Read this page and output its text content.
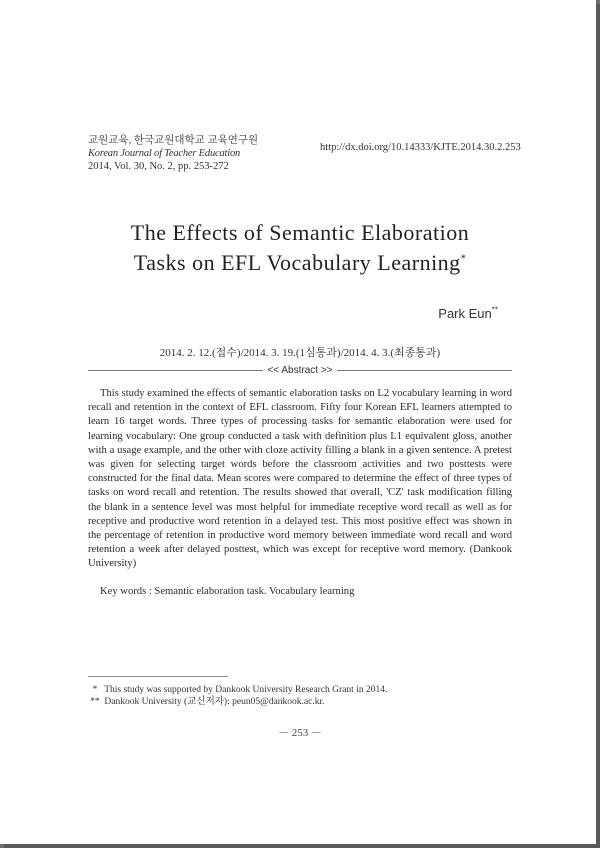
교원교육, 한국교원대학교 교육연구원
Korean Journal of Teacher Education
2014, Vol. 30, No. 2, pp. 253-272
http://dx.doi.org/10.14333/KJTE.2014.30.2.253
The Effects of Semantic Elaboration
Tasks on EFL Vocabulary Learning*
Park Eun**
2014. 2. 12.(접수)/2014. 3. 19.(1심통과)/2014. 4. 3.(최종통과)
<< Abstract >>

This study examined the effects of semantic elaboration tasks on L2 vocabulary learning in word recall and retention in the context of EFL classroom. Fifty four Korean EFL learners attempted to learn 16 target words. Three types of processing tasks for semantic elaboration were used for learning vocabulary: One group conducted a task with definition plus L1 equivalent gloss, another with a usage example, and the other with cloze activity filling a blank in a given sentence. A pretest was given for selecting target words before the classroom activities and two posttests were constructed for the final data. Mean scores were compared to determine the effect of three types of tasks on word recall and retention. The results showed that overall, 'CZ' task modification filling the blank in a sentence level was most helpful for immediate receptive word recall as well as for receptive and productive word retention in a delayed test. This most positive effect was shown in the percentage of retention in productive word memory between immediate word recall and word retention a week after delayed posttest, which was except for receptive word memory. (Dankook University)

Key words : Semantic elaboration task. Vocabulary learning
* This study was supported by Dankook University Research Grant in 2014.
** Dankook University (교신저자): peun05@dankook.ac.kr.
－ 253 －
